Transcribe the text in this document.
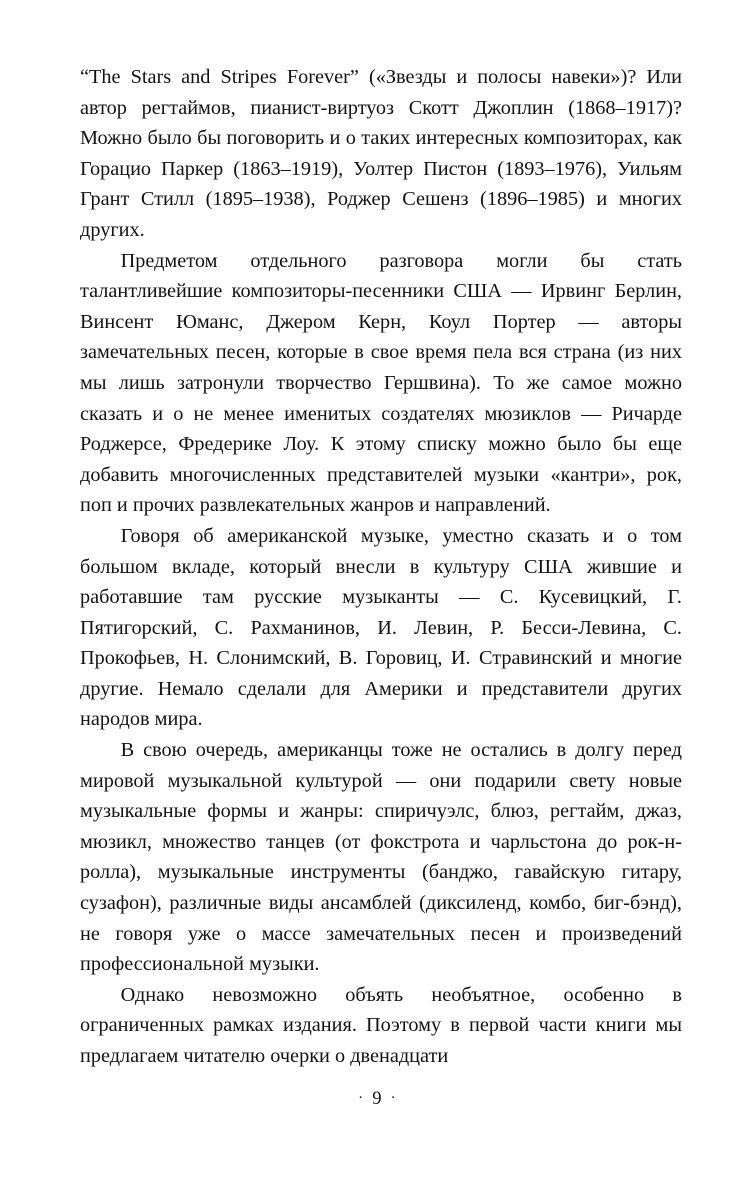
“The Stars and Stripes Forever” («Звезды и полосы навеки»)? Или автор регтаймов, пианист-виртуоз Скотт Джоплин (1868–1917)? Можно было бы поговорить и о таких интересных композиторах, как Горацио Паркер (1863–1919), Уолтер Пистон (1893–1976), Уильям Грант Стилл (1895–1938), Роджер Сешенз (1896–1985) и многих других.

Предметом отдельного разговора могли бы стать талантливейшие композиторы-песенники США — Ирвинг Берлин, Винсент Юманс, Джером Керн, Коул Портер — авторы замечательных песен, которые в свое время пела вся страна (из них мы лишь затронули творчество Гершвина). То же самое можно сказать и о не менее именитых создателях мюзиклов — Ричарде Роджерсе, Фредерике Лоу. К этому списку можно было бы еще добавить многочисленных представителей музыки «кантри», рок, поп и прочих развлекательных жанров и направлений.

Говоря об американской музыке, уместно сказать и о том большом вкладе, который внесли в культуру США жившие и работавшие там русские музыканты — С. Кусевицкий, Г. Пятигорский, С. Рахманинов, И. Левин, Р. Бесси-Левина, С. Прокофьев, Н. Слонимский, В. Горовиц, И. Стравинский и многие другие. Немало сделали для Америки и представители других народов мира.

В свою очередь, американцы тоже не остались в долгу перед мировой музыкальной культурой — они подарили свету новые музыкальные формы и жанры: спиричуэлс, блюз, регтайм, джаз, мюзикл, множество танцев (от фокстрота и чарльстона до рок-н-ролла), музыкальные инструменты (банджо, гавайскую гитару, сузафон), различные виды ансамблей (диксиленд, комбо, биг-бэнд), не говоря уже о массе замечательных песен и произведений профессиональной музыки.

Однако невозможно объять необъятное, особенно в ограниченных рамках издания. Поэтому в первой части книги мы предлагаем читателю очерки о двенадцати

· 9 ·
